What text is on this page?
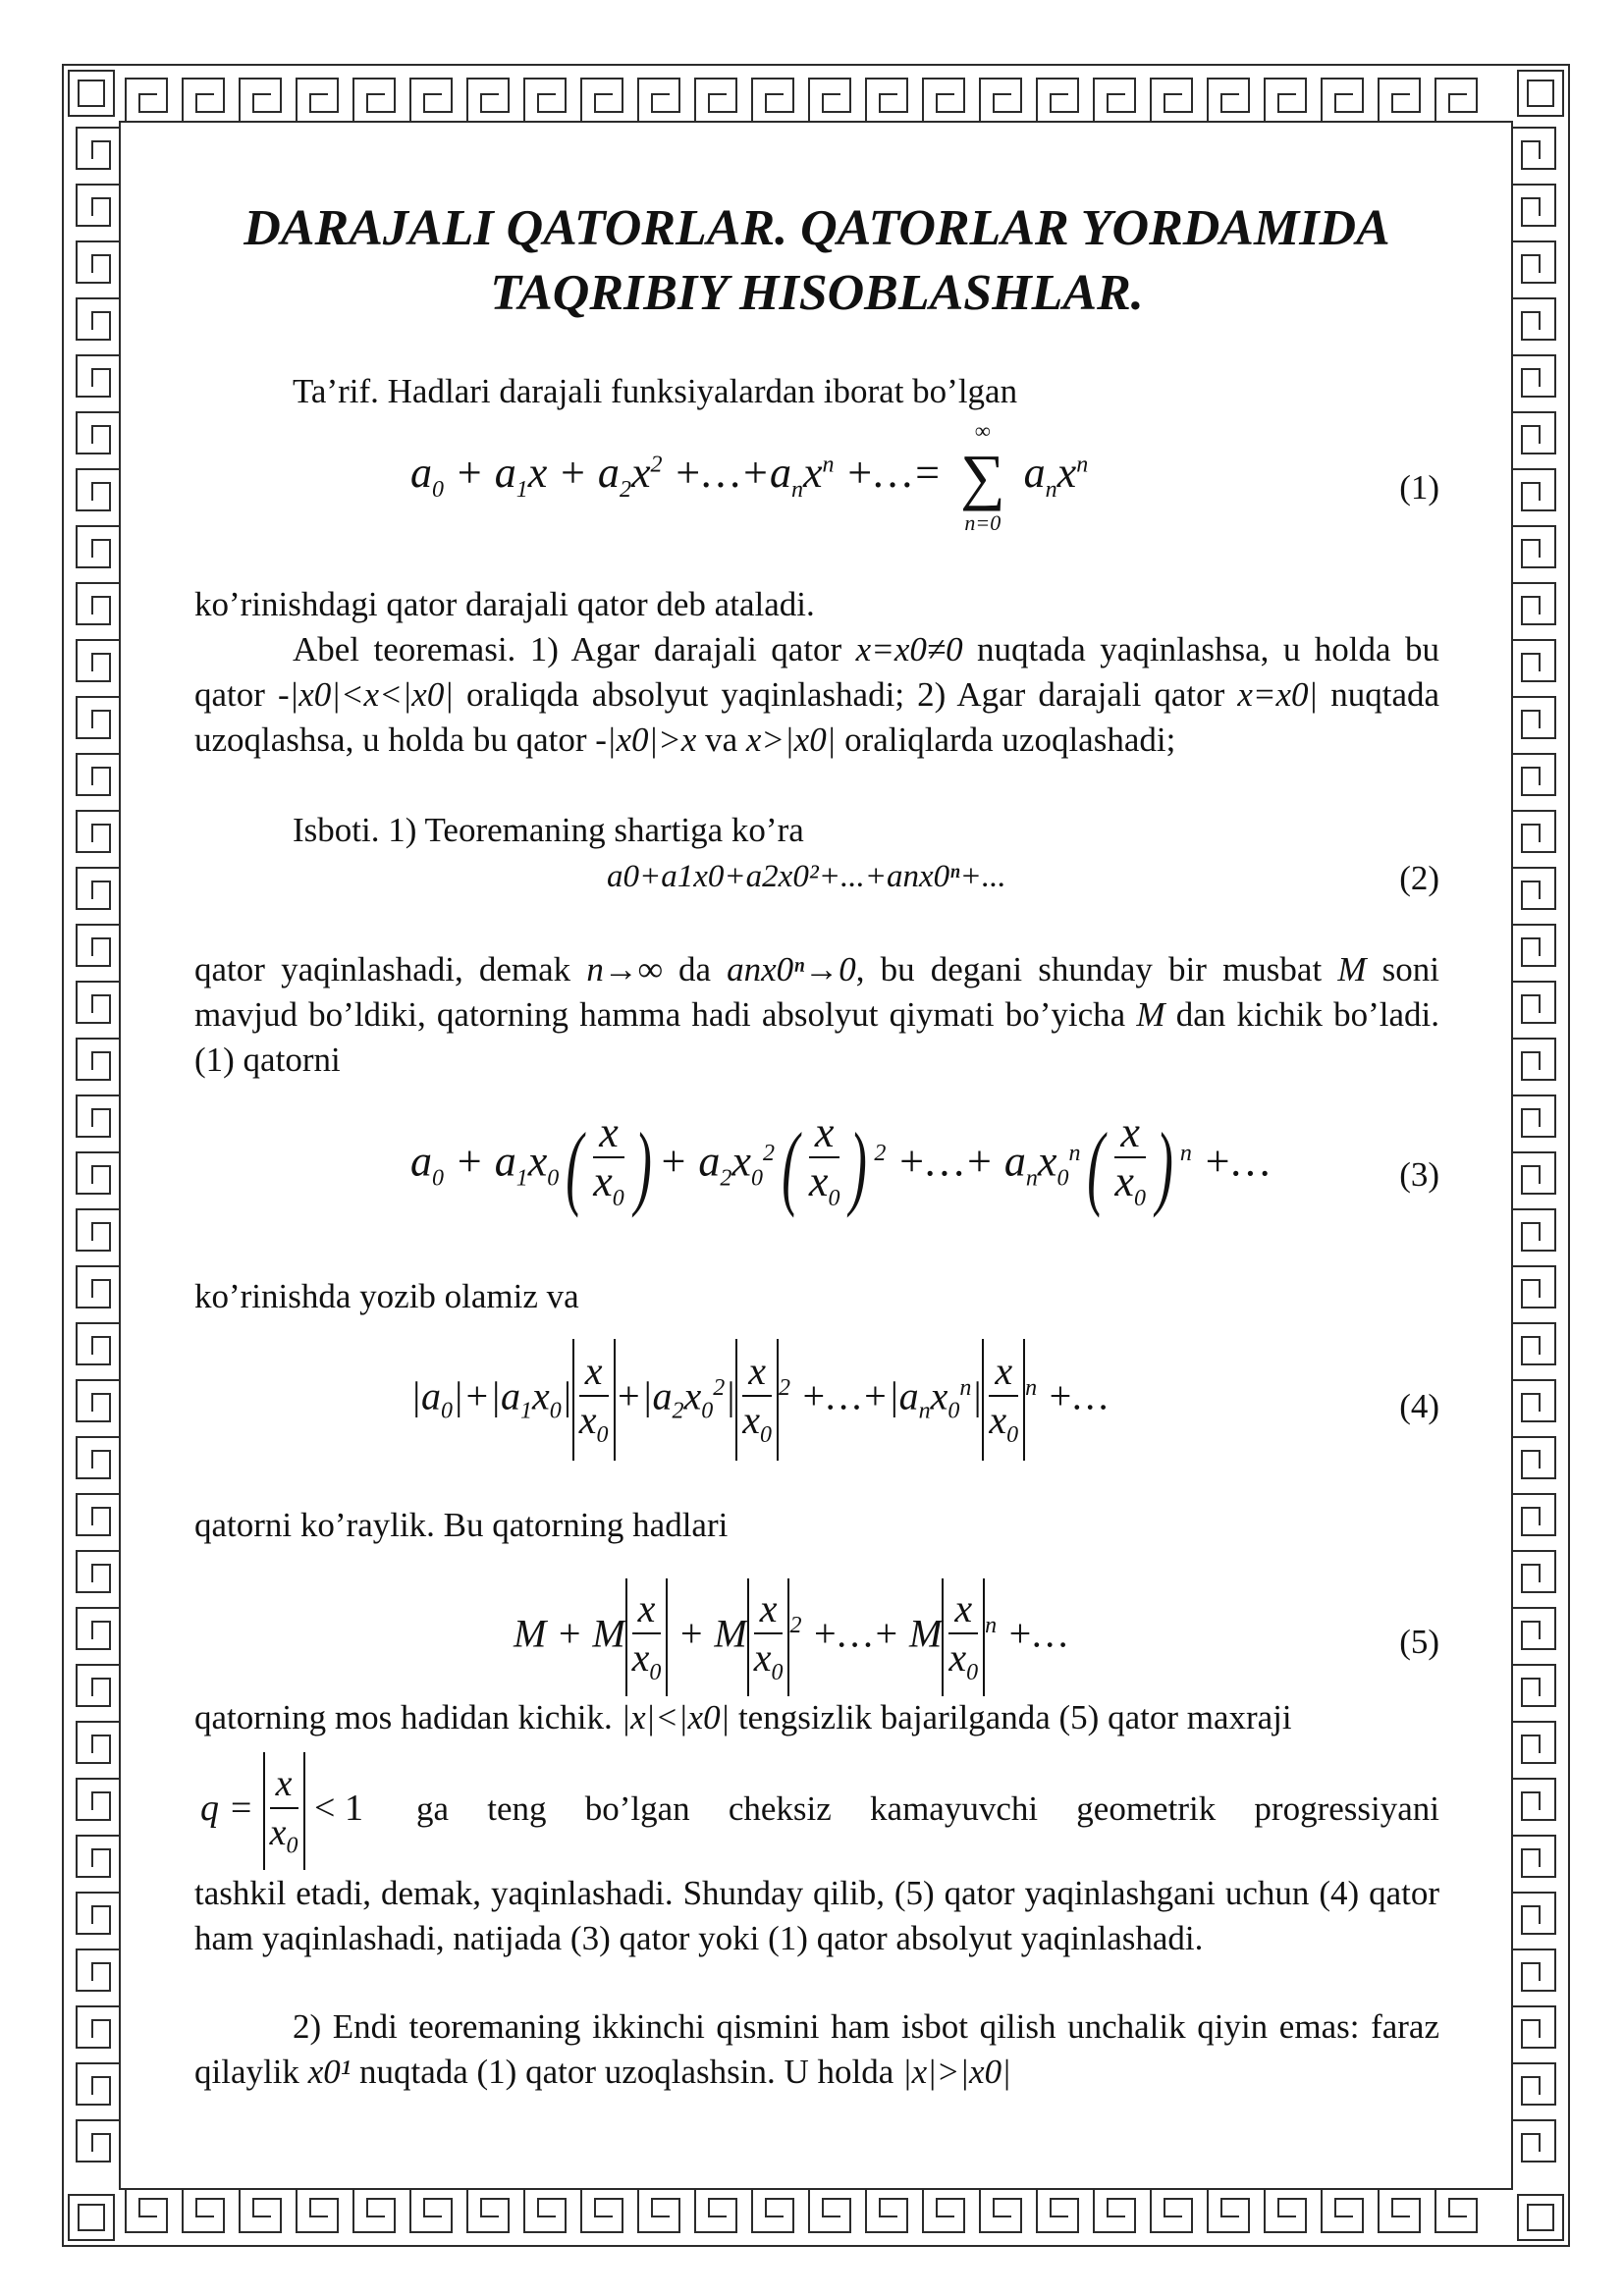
DARAJALI QATORLAR. QATORLAR YORDAMIDA
TAQRIBIY HISOBLASHLAR.

Ta’rif. Hadlari darajali funksiyalardan iborat bo’lgan

$a_0 + a_1x + a_2x^2$ $+\dots+a_nx^n$ +…=
∞
∑
n=0
$a_nx^n$
(1)

ko’rinishdagi qator darajali qator deb ataladi.

Abel teoremasi. 1) Agar darajali qator x=x0≠0 nuqtada yaqinlashsa, u holda bu qator -|x0|<x<|x0| oraliqda absolyut yaqinlashadi; 2) Agar darajali qator x=x0| nuqtada uzoqlashsa, u holda bu qator -|x0|>x va x>|x0| oraliqlarda uzoqlashadi;

Isboti. 1) Teoremaning shartiga ko’ra

a0+a1x0+a2x0²+...+anx0ⁿ+...	(2)

qator yaqinlashadi, demak n→∞ da anx0ⁿ→0, bu degani shunday bir musbat M soni mavjud bo’ldiki, qatorning hamma hadi absolyut qiymati bo’yicha M dan kichik bo’ladi. (1) qatorni

$a_0 + a_1x_0( \frac{x}{x_0}$ ) + $a_2x_0^2( \frac{x}{x_0}$ ) $^2$ +…+ $a_nx_0^n( \frac{x}{x_0}$ ) $^n$ +…	(3)

ko’rinishda yozib olamiz va

$|a_0|+|a_1x_0| \frac{x}{x_0} +|a_2x_0^2| \frac{x}{x_0} ^2$ $+\dots+|a_nx_0^n| \frac{x}{x_0} ^n$ +…	(4)

qatorni ko’raylik. Bu qatorning hadlari

M + M $\frac{x}{x_0} + M \frac{x}{x_0} ^2$ +…+ M $\frac{x}{x_0} ^n$ +…	(5)

qatorning mos hadidan kichik. |x|<|x0| tengsizlik bajarilganda (5) qator maxraji

$q = \frac{x}{x_0} < 1$ ga teng bo’lgan cheksiz kamayuvchi geometrik progressiyani

tashkil etadi, demak, yaqinlashadi. Shunday qilib, (5) qator yaqinlashgani uchun (4) qator ham yaqinlashadi, natijada (3) qator yoki (1) qator absolyut yaqinlashadi.

2) Endi teoremaning ikkinchi qismini ham isbot qilish unchalik qiyin emas: faraz qilaylik x0¹ nuqtada (1) qator uzoqlashsin. U holda |x|>|x0|
